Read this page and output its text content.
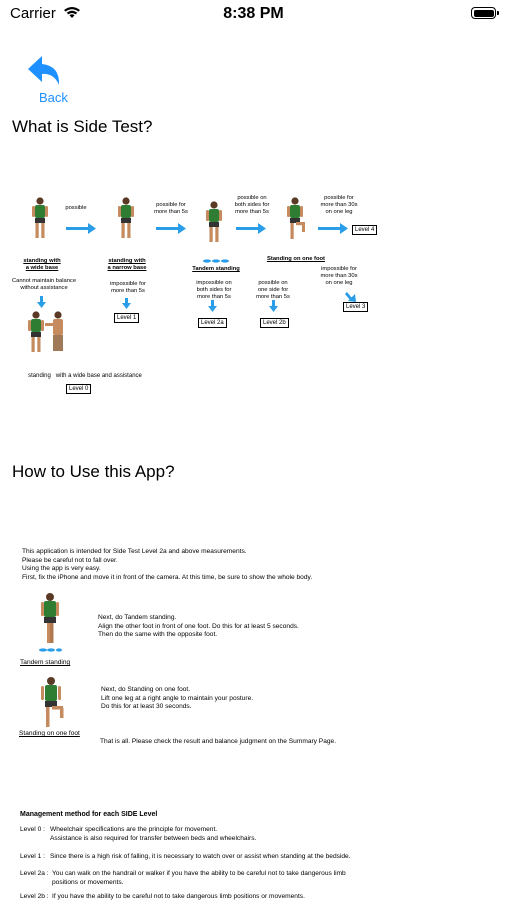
Carrier	8:38 PM
Back
What is Side Test?
possible	possible for
more than 5s
possible on
both sides for
more than 5s
possible for
more than 30s
on one leg
Level 4
standing with
a wide base
standing with
a narrow base	Tandem standing
Standing on one foot
Cannot maintain balance
without assistance
impossible for
more than 5s
impossible on
both sides for
more than 5s
possible on
one side for
more than 5s
impossible for
more than 30s
on one leg
Level 1
Level 2a	Level 2b
Level 3
standing   with a wide base and assistance
Level 0
How to Use this App?
This application is intended for Side Test Level 2a and above measurements.
Please be careful not to fall over.
Using the app is very easy.
First, fix the iPhone and move it in front of the camera. At this time, be sure to show the whole body.
Tandem standing
Next, do Tandem standing.
Align the other foot in front of one foot. Do this for at least 5 seconds.
Then do the same with the opposite foot.
Standing on one foot
Next, do Standing on one foot.
Lift one leg at a right angle to maintain your posture.
Do this for at least 30 seconds.
That is all. Please check the result and balance judgment on the Summary Page.
Management method for each SIDE Level
Level 0 : Wheelchair specifications are the principle for movement.
Assistance is also required for transfer between beds and wheelchairs.
Level 1 : Since there is a high risk of falling, it is necessary to watch over or assist when standing at the bedside.
Level 2a : You can walk on the handrail or walker if you have the ability to be careful not to take dangerous limb
positions or movements.
Level 2b : If you have the ability to be careful not to take dangerous limb positions or movements.
